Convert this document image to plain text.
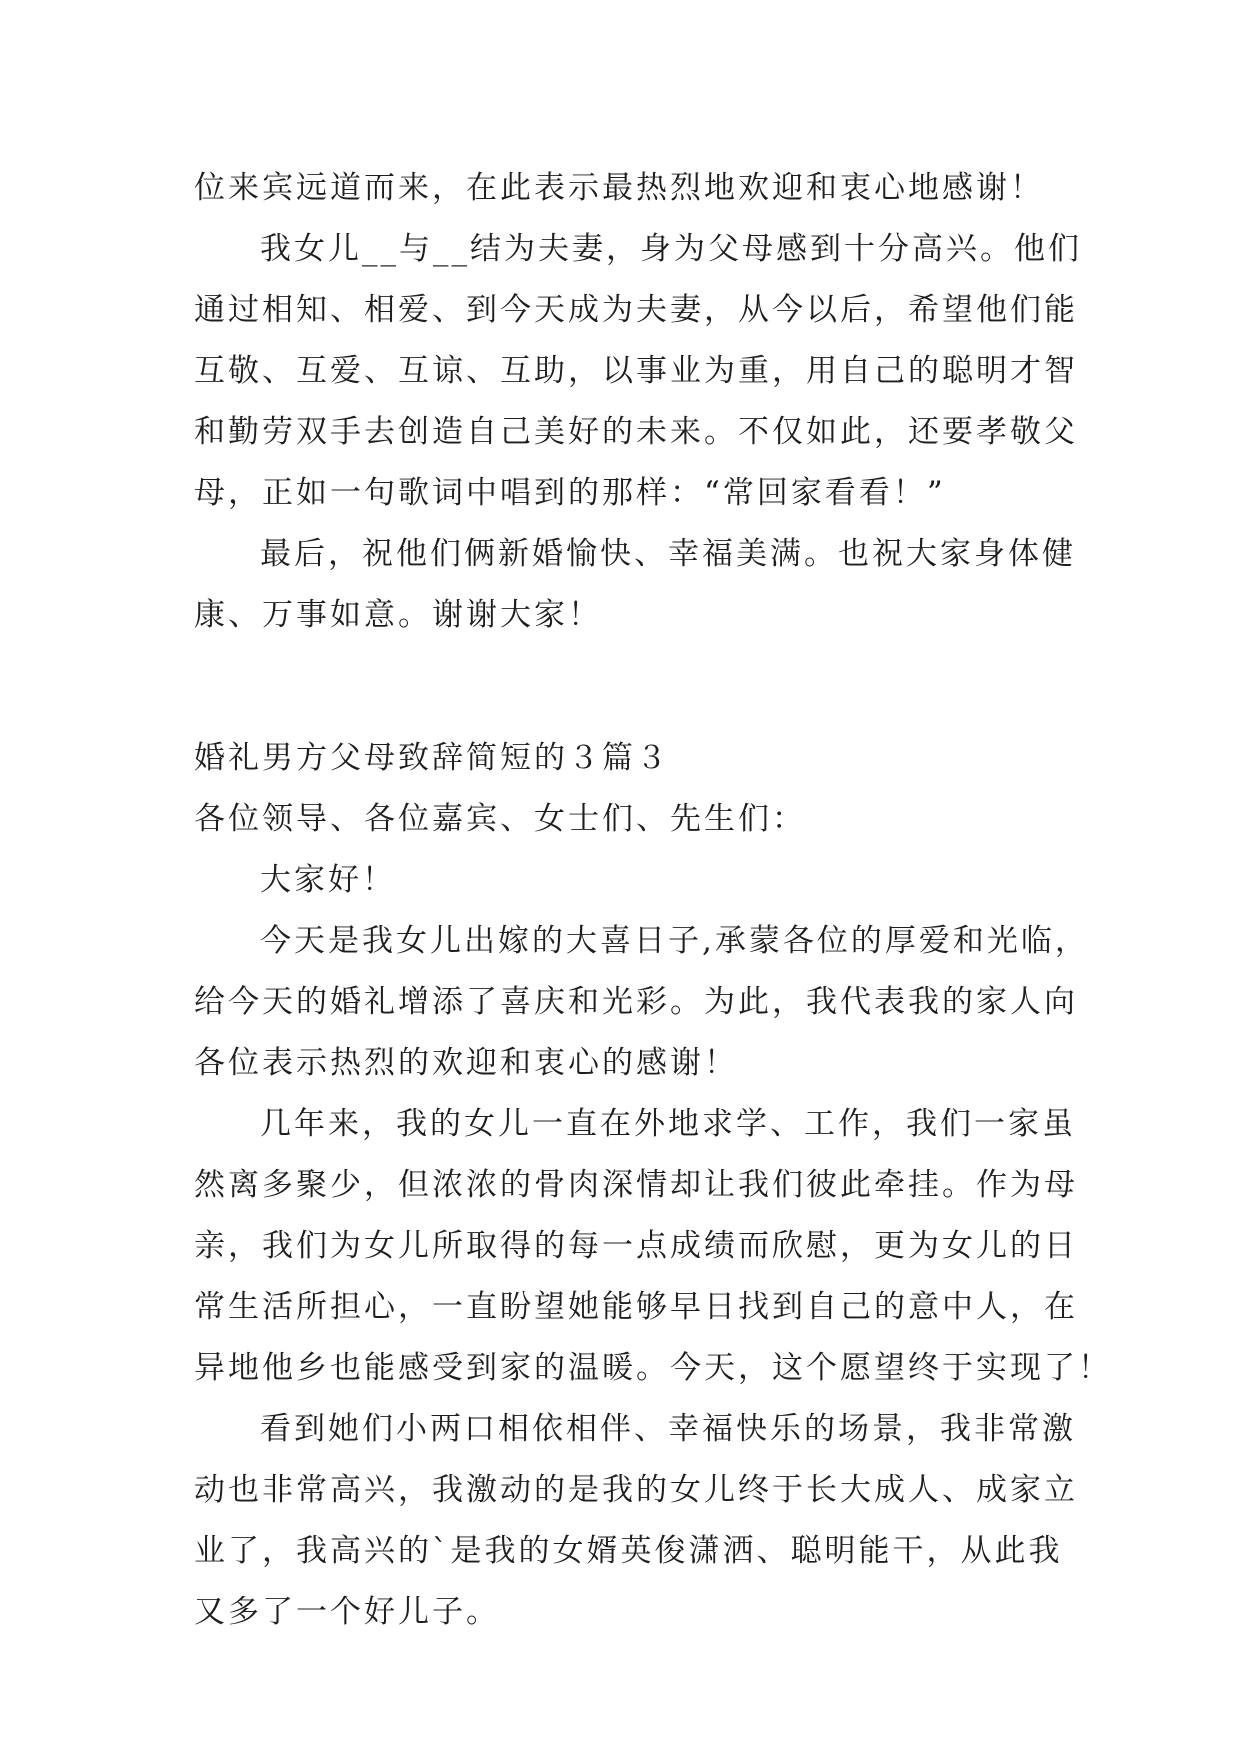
位来宾远道而来，在此表示最热烈地欢迎和衷心地感谢！
我女儿__与__结为夫妻，身为父母感到十分高兴。他们
通过相知、相爱、到今天成为夫妻，从今以后，希望他们能
互敬、互爱、互谅、互助，以事业为重，用自己的聪明才智
和勤劳双手去创造自己美好的未来。不仅如此，还要孝敬父
母，正如一句歌词中唱到的那样：“常回家看看！”
最后，祝他们俩新婚愉快、幸福美满。也祝大家身体健
康、万事如意。谢谢大家！
婚礼男方父母致辞简短的３篇３
各位领导、各位嘉宾、女士们、先生们：
大家好！
今天是我女儿出嫁的大喜日子,承蒙各位的厚爱和光临，
给今天的婚礼增添了喜庆和光彩。为此，我代表我的家人向
各位表示热烈的欢迎和衷心的感谢！
几年来，我的女儿一直在外地求学、工作，我们一家虽
然离多聚少，但浓浓的骨肉深情却让我们彼此牵挂。作为母
亲，我们为女儿所取得的每一点成绩而欣慰，更为女儿的日
常生活所担心，一直盼望她能够早日找到自己的意中人，在
异地他乡也能感受到家的温暖。今天，这个愿望终于实现了！
看到她们小两口相依相伴、幸福快乐的场景，我非常激
动也非常高兴，我激动的是我的女儿终于长大成人、成家立
业了，我高兴的`是我的女婿英俊潇洒、聪明能干，从此我
又多了一个好儿子。
